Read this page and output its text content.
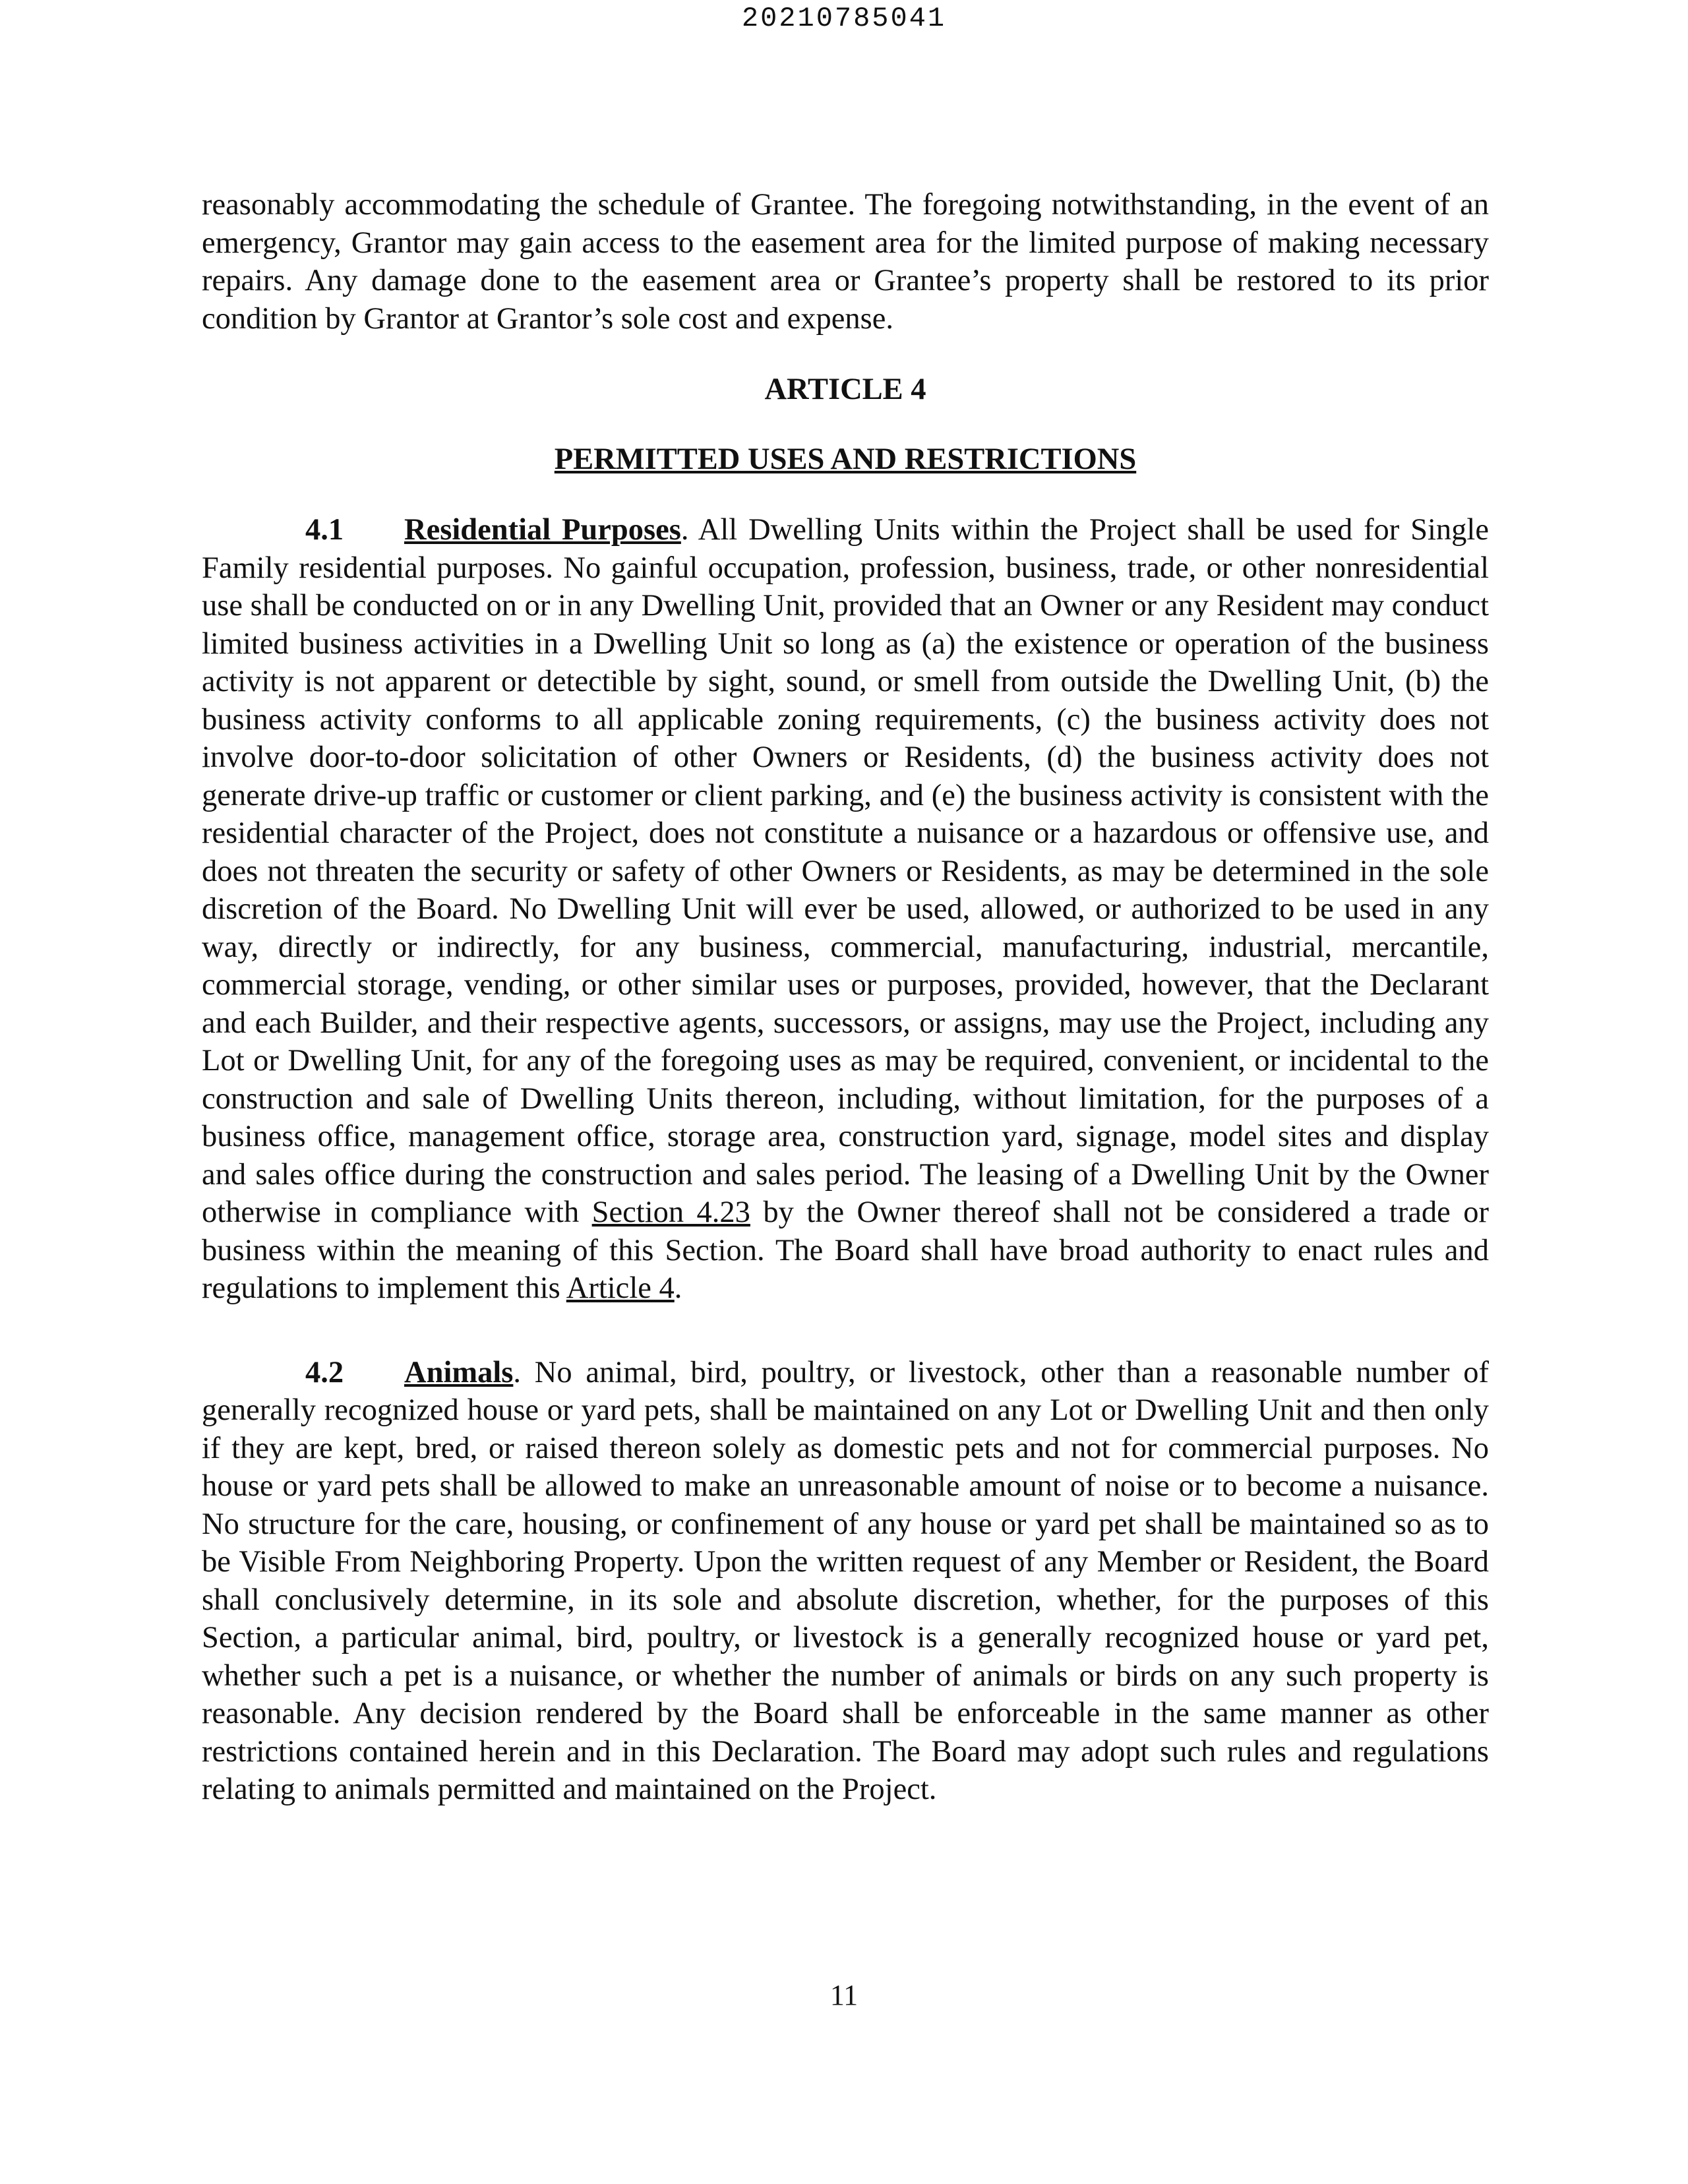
20210785041

reasonably accommodating the schedule of Grantee. The foregoing notwithstanding, in the event of an emergency, Grantor may gain access to the easement area for the limited purpose of making necessary repairs. Any damage done to the easement area or Grantee’s property shall be restored to its prior condition by Grantor at Grantor’s sole cost and expense.

ARTICLE 4

PERMITTED USES AND RESTRICTIONS

4.1 Residential Purposes. All Dwelling Units within the Project shall be used for Single Family residential purposes. No gainful occupation, profession, business, trade, or other nonresidential use shall be conducted on or in any Dwelling Unit, provided that an Owner or any Resident may conduct limited business activities in a Dwelling Unit so long as (a) the existence or operation of the business activity is not apparent or detectible by sight, sound, or smell from outside the Dwelling Unit, (b) the business activity conforms to all applicable zoning requirements, (c) the business activity does not involve door-to-door solicitation of other Owners or Residents, (d) the business activity does not generate drive-up traffic or customer or client parking, and (e) the business activity is consistent with the residential character of the Project, does not constitute a nuisance or a hazardous or offensive use, and does not threaten the security or safety of other Owners or Residents, as may be determined in the sole discretion of the Board. No Dwelling Unit will ever be used, allowed, or authorized to be used in any way, directly or indirectly, for any business, commercial, manufacturing, industrial, mercantile, commercial storage, vending, or other similar uses or purposes, provided, however, that the Declarant and each Builder, and their respective agents, successors, or assigns, may use the Project, including any Lot or Dwelling Unit, for any of the foregoing uses as may be required, convenient, or incidental to the construction and sale of Dwelling Units thereon, including, without limitation, for the purposes of a business office, management office, storage area, construction yard, signage, model sites and display and sales office during the construction and sales period. The leasing of a Dwelling Unit by the Owner otherwise in compliance with Section 4.23 by the Owner thereof shall not be considered a trade or business within the meaning of this Section. The Board shall have broad authority to enact rules and regulations to implement this Article 4.

4.2 Animals. No animal, bird, poultry, or livestock, other than a reasonable number of generally recognized house or yard pets, shall be maintained on any Lot or Dwelling Unit and then only if they are kept, bred, or raised thereon solely as domestic pets and not for commercial purposes. No house or yard pets shall be allowed to make an unreasonable amount of noise or to become a nuisance. No structure for the care, housing, or confinement of any house or yard pet shall be maintained so as to be Visible From Neighboring Property. Upon the written request of any Member or Resident, the Board shall conclusively determine, in its sole and absolute discretion, whether, for the purposes of this Section, a particular animal, bird, poultry, or livestock is a generally recognized house or yard pet, whether such a pet is a nuisance, or whether the number of animals or birds on any such property is reasonable. Any decision rendered by the Board shall be enforceable in the same manner as other restrictions contained herein and in this Declaration. The Board may adopt such rules and regulations relating to animals permitted and maintained on the Project.

11
